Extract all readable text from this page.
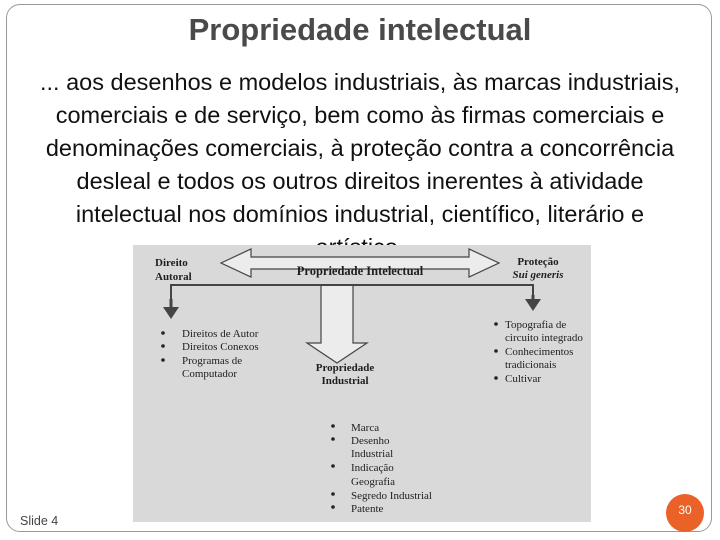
Propriedade intelectual
... aos desenhos e modelos industriais, às marcas industriais, comerciais e de serviço, bem como às firmas comerciais e denominações comerciais, à proteção contra a concorrência desleal e todos os outros direitos inerentes à atividade intelectual nos domínios industrial, científico, literário e
Propriedade Intelectual
Direito
Autoral
Proteção
Sui generis
Propriedade
Industrial
Direitos de Autor
Direitos Conexos
Programas de
Computador
Topografia de
circuito integrado
Conhecimentos
tradicionais
Cultivar
Marca
Desenho
Industrial
Indicação
Geografia
Segredo Industrial
Patente
Slide 4
30
